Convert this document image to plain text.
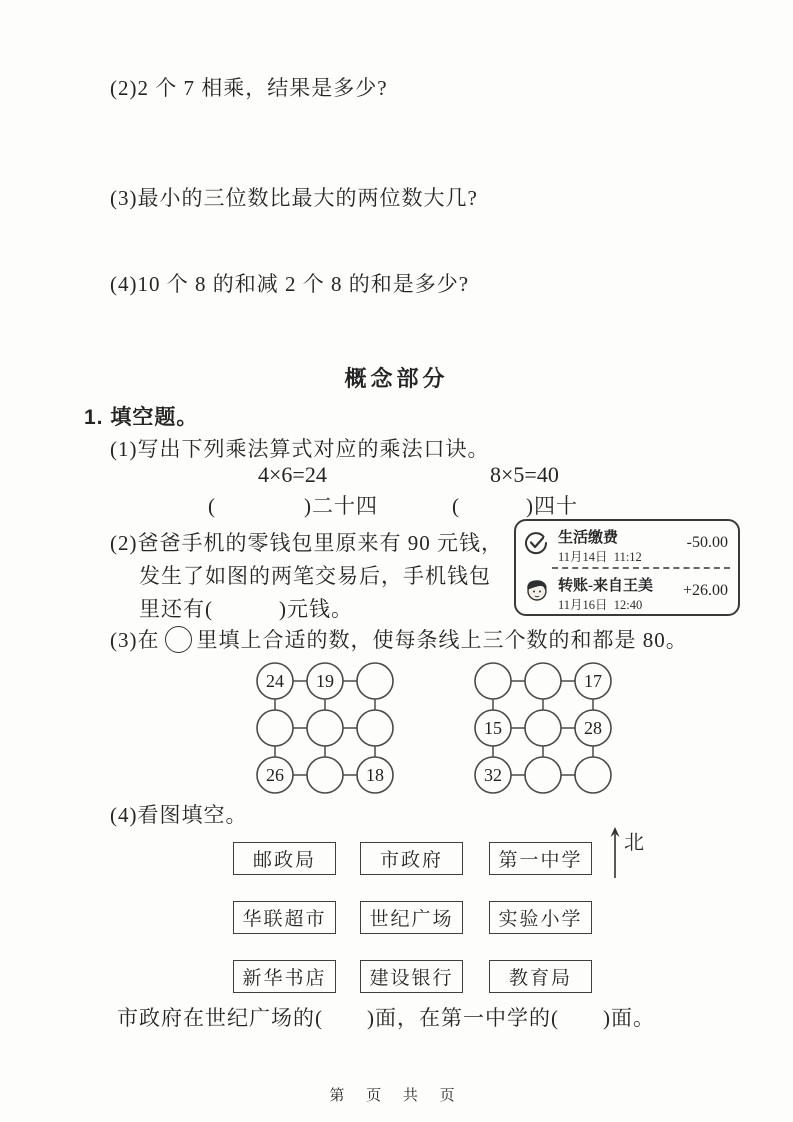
(2)2 个 7 相乘，结果是多少?
(3)最小的三位数比最大的两位数大几?
(4)10 个 8 的和减 2 个 8 的和是多少?
概念部分
1. 填空题。
(1)写出下列乘法算式对应的乘法口诀。
4×6=24	8×5=40
(　　　　)二十四	(　　　)四十
(2)爸爸手机的零钱包里原来有 90 元钱，
发生了如图的两笔交易后，手机钱包
里还有(　　　)元钱。
生活缴费
11月14日 11:12
-50.00
转账-来自王美
11月16日 12:40
+26.00
(3)在 里填上合适的数，使每条线上三个数的和都是 80。
24 19
26	18
17
15	28
32
(4)看图填空。
邮政局	市政府	第一中学
华联超市	世纪广场	实验小学
新华书店	建设银行	教育局
北
市政府在世纪广场的(　　)面，在第一中学的(　　)面。
第 页 共 页
